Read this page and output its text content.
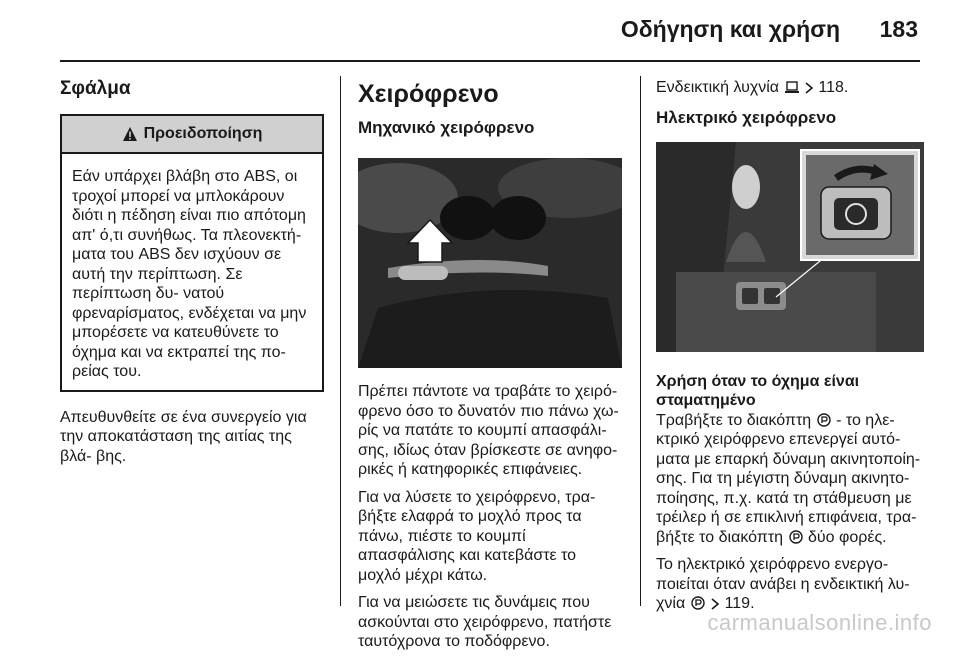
Οδήγηση και χρήση 183
Σφάλμα
Προειδοποίηση
Εάν υπάρχει βλάβη στο ABS, οι τροχοί μπορεί να μπλοκάρουν διότι η πέδηση είναι πιο απότομη απ' ό,τι συνήθως. Τα πλεονεκτή- ματα του ABS δεν ισχύουν σε αυτή την περίπτωση. Σε περίπτωση δυ- νατού φρεναρίσματος, ενδέχεται να μην μπορέσετε να κατευθύνετε το όχημα και να εκτραπεί της πο- ρείας του.

Απευθυνθείτε σε ένα συνεργείο για την αποκατάσταση της αιτίας της βλά- βης.

Χειρόφρενο
Μηχανικό χειρόφρενο

Πρέπει πάντοτε να τραβάτε το χειρό- φρενο όσο το δυνατόν πιο πάνω χω- ρίς να πατάτε το κουμπί απασφάλι- σης, ιδίως όταν βρίσκεστε σε ανηφο- ρικές ή κατηφορικές επιφάνειες.

Για να λύσετε το χειρόφρενο, τρα- βήξτε ελαφρά το μοχλό προς τα πάνω, πιέστε το κουμπί απασφάλισης και κατεβάστε το μοχλό μέχρι κάτω.

Για να μειώσετε τις δυνάμεις που ασκούνται στο χειρόφρενο, πατήστε ταυτόχρονα το ποδόφρενο.

Ενδεικτική λυχνία 118.

Ηλεκτρικό χειρόφρενο
Χρήση όταν το όχημα είναι σταματημένο

Τραβήξτε το διακόπτη - το ηλε- κτρικό χειρόφρενο επενεργεί αυτό- ματα με επαρκή δύναμη ακινητοποίη- σης. Για τη μέγιστη δύναμη ακινητο- ποίησης, π.χ. κατά τη στάθμευση με τρέιλερ ή σε επικλινή επιφάνεια, τρα- βήξτε το διακόπτη δύο φορές.

Το ηλεκτρικό χειρόφρενο ενεργο- ποιείται όταν ανάβει η ενδεικτική λυ- χνία 119.

carmanualsonline.info
